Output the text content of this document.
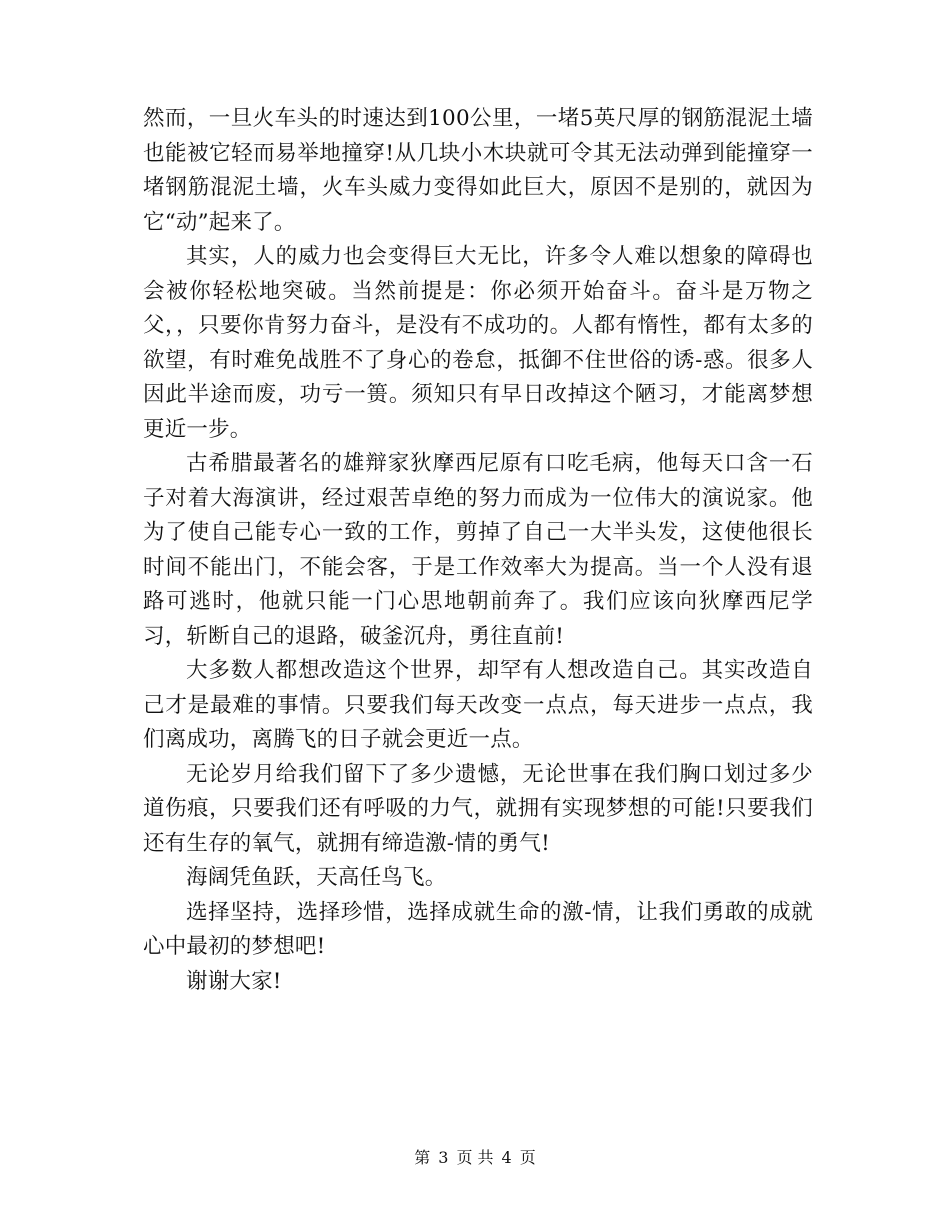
然而，一旦火车头的时速达到100公里，一堵5英尺厚的钢筋混泥土墙也能被它轻而易举地撞穿!从几块小木块就可令其无法动弹到能撞穿一堵钢筋混泥土墙，火车头威力变得如此巨大，原因不是别的，就因为它“动”起来了。

其实，人的威力也会变得巨大无比，许多令人难以想象的障碍也会被你轻松地突破。当然前提是：你必须开始奋斗。奋斗是万物之父，，只要你肯努力奋斗，是没有不成功的。人都有惰性，都有太多的欲望，有时难免战胜不了身心的卷怠，抵御不住世俗的诱-惑。很多人因此半途而废，功亏一篑。须知只有早日改掉这个陋习，才能离梦想更近一步。

古希腊最著名的雄辩家狄摩西尼原有口吃毛病，他每天口含一石子对着大海演讲，经过艰苦卓绝的努力而成为一位伟大的演说家。他为了使自己能专心一致的工作，剪掉了自己一大半头发，这使他很长时间不能出门，不能会客，于是工作效率大为提高。当一个人没有退路可逃时，他就只能一门心思地朝前奔了。我们应该向狄摩西尼学习，斩断自己的退路，破釜沉舟，勇往直前!

大多数人都想改造这个世界，却罕有人想改造自己。其实改造自己才是最难的事情。只要我们每天改变一点点，每天进步一点点，我们离成功，离腾飞的日子就会更近一点。

无论岁月给我们留下了多少遗憾，无论世事在我们胸口划过多少道伤痕，只要我们还有呼吸的力气，就拥有实现梦想的可能!只要我们还有生存的氧气，就拥有缔造激-情的勇气!

海阔凭鱼跃，天高任鸟飞。

选择坚持，选择珍惜，选择成就生命的激-情，让我们勇敢的成就心中最初的梦想吧!

谢谢大家!

第 3 页 共 4 页
